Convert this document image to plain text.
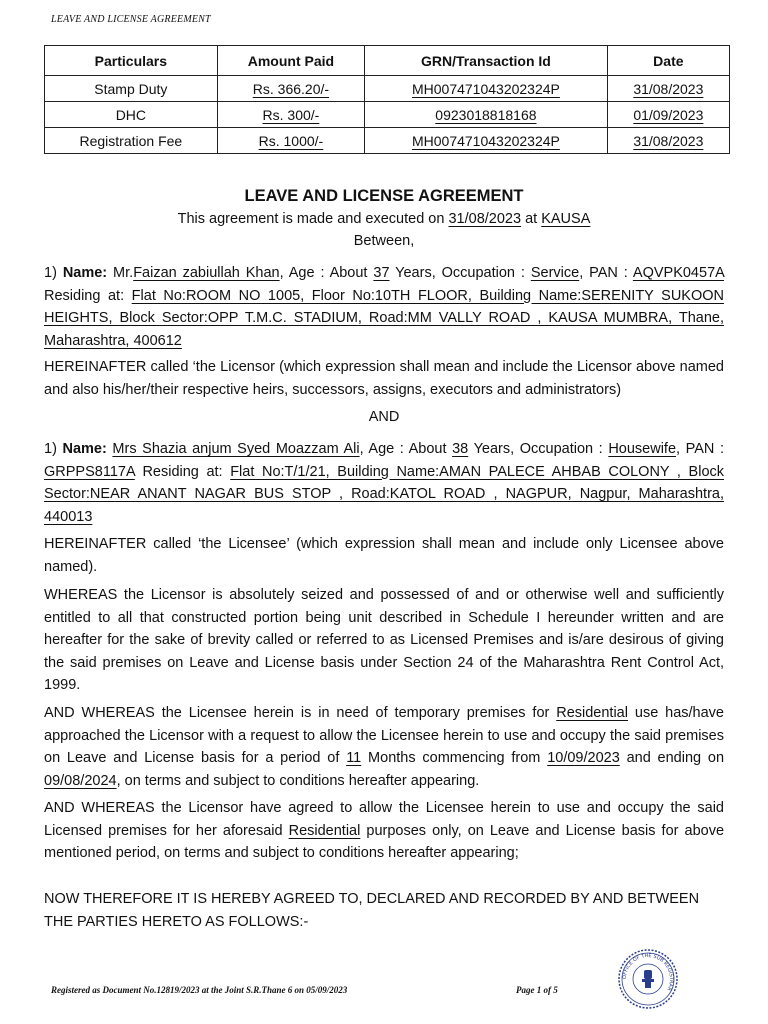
LEAVE AND LICENSE AGREEMENT
Particulars	Amount Paid	GRN/Transaction Id	Date
Stamp Duty	Rs. 366.20/-	MH007471043202324P	31/08/2023
DHC	Rs. 300/-	0923018818168	01/09/2023
Registration Fee	Rs. 1000/-	MH007471043202324P	31/08/2023
LEAVE AND LICENSE AGREEMENT
This agreement is made and executed on 31/08/2023 at KAUSA
Between,

1) Name: Mr.Faizan zabiullah Khan, Age : About 37 Years, Occupation : Service, PAN : AQVPK0457A Residing at: Flat No:ROOM NO 1005, Floor No:10TH FLOOR, Building Name:SERENITY SUKOON HEIGHTS, Block Sector:OPP T.M.C. STADIUM, Road:MM VALLY ROAD , KAUSA MUMBRA, Thane, Maharashtra, 400612

HEREINAFTER called ‘the Licensor (which expression shall mean and include the Licensor above named and also his/her/their respective heirs, successors, assigns, executors and administrators)

AND

1) Name: Mrs Shazia anjum Syed Moazzam Ali, Age : About 38 Years, Occupation : Housewife, PAN : GRPPS8117A Residing at: Flat No:T/1/21, Building Name:AMAN PALECE AHBAB COLONY , Block Sector:NEAR ANANT NAGAR BUS STOP , Road:KATOL ROAD , NAGPUR, Nagpur, Maharashtra, 440013

HEREINAFTER called ‘the Licensee’ (which expression shall mean and include only Licensee above named).

WHEREAS the Licensor is absolutely seized and possessed of and or otherwise well and sufficiently entitled to all that constructed portion being unit described in Schedule I hereunder written and are hereafter for the sake of brevity called or referred to as Licensed Premises and is/are desirous of giving the said premises on Leave and License basis under Section 24 of the Maharashtra Rent Control Act, 1999.

AND WHEREAS the Licensee herein is in need of temporary premises for Residential use has/have approached the Licensor with a request to allow the Licensee herein to use and occupy the said premises on Leave and License basis for a period of 11 Months commencing from 10/09/2023 and ending on 09/08/2024, on terms and subject to conditions hereafter appearing.

AND WHEREAS the Licensor have agreed to allow the Licensee herein to use and occupy the said Licensed premises for her aforesaid Residential purposes only, on Leave and License basis for above mentioned period, on terms and subject to conditions hereafter appearing;

NOW THEREFORE IT IS HEREBY AGREED TO, DECLARED AND RECORDED BY AND BETWEEN THE PARTIES HERETO AS FOLLOWS:-

Registered as Document No.12819/2023 at the Joint S.R.Thane 6 on 05/09/2023	Page 1 of 5
OFFICE OF THE SUB REGISTRAR
